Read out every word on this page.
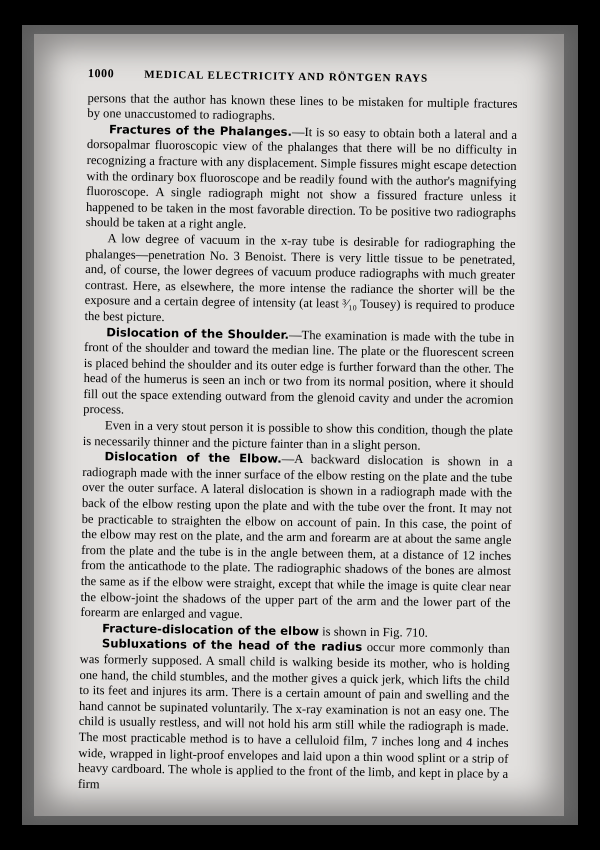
1000	MEDICAL ELECTRICITY AND RÖNTGEN RAYS

persons that the author has known these lines to be mistaken for multiple fractures by one unaccustomed to radiographs.

Fractures of the Phalanges.—It is so easy to obtain both a lateral and a dorsopalmar fluoroscopic view of the phalanges that there will be no difficulty in recognizing a fracture with any displacement. Simple fissures might escape detection with the ordinary box fluoroscope and be readily found with the author's magnifying fluoroscope. A single radiograph might not show a fissured fracture unless it happened to be taken in the most favorable direction. To be positive two radiographs should be taken at a right angle.

A low degree of vacuum in the x-ray tube is desirable for radiographing the phalanges—penetration No. 3 Benoist. There is very little tissue to be penetrated, and, of course, the lower degrees of vacuum produce radiographs with much greater contrast. Here, as elsewhere, the more intense the radiance the shorter will be the exposure and a certain degree of intensity (at least ³⁄₁₀ Tousey) is required to produce the best picture.

Dislocation of the Shoulder.—The examination is made with the tube in front of the shoulder and toward the median line. The plate or the fluorescent screen is placed behind the shoulder and its outer edge is further forward than the other. The head of the humerus is seen an inch or two from its normal position, where it should fill out the space extending outward from the glenoid cavity and under the acromion process.

Even in a very stout person it is possible to show this condition, though the plate is necessarily thinner and the picture fainter than in a slight person.

Dislocation of the Elbow.—A backward dislocation is shown in a radiograph made with the inner surface of the elbow resting on the plate and the tube over the outer surface. A lateral dislocation is shown in a radiograph made with the back of the elbow resting upon the plate and with the tube over the front. It may not be practicable to straighten the elbow on account of pain. In this case, the point of the elbow may rest on the plate, and the arm and forearm are at about the same angle from the plate and the tube is in the angle between them, at a distance of 12 inches from the anticathode to the plate. The radiographic shadows of the bones are almost the same as if the elbow were straight, except that while the image is quite clear near the elbow-joint the shadows of the upper part of the arm and the lower part of the forearm are enlarged and vague.

Fracture-dislocation of the elbow is shown in Fig. 710.

Subluxations of the head of the radius occur more commonly than was formerly supposed. A small child is walking beside its mother, who is holding one hand, the child stumbles, and the mother gives a quick jerk, which lifts the child to its feet and injures its arm. There is a certain amount of pain and swelling and the hand cannot be supinated voluntarily. The x-ray examination is not an easy one. The child is usually restless, and will not hold his arm still while the radiograph is made. The most practicable method is to have a celluloid film, 7 inches long and 4 inches wide, wrapped in light-proof envelopes and laid upon a thin wood splint or a strip of heavy cardboard. The whole is applied to the front of the limb, and kept in place by a firm
